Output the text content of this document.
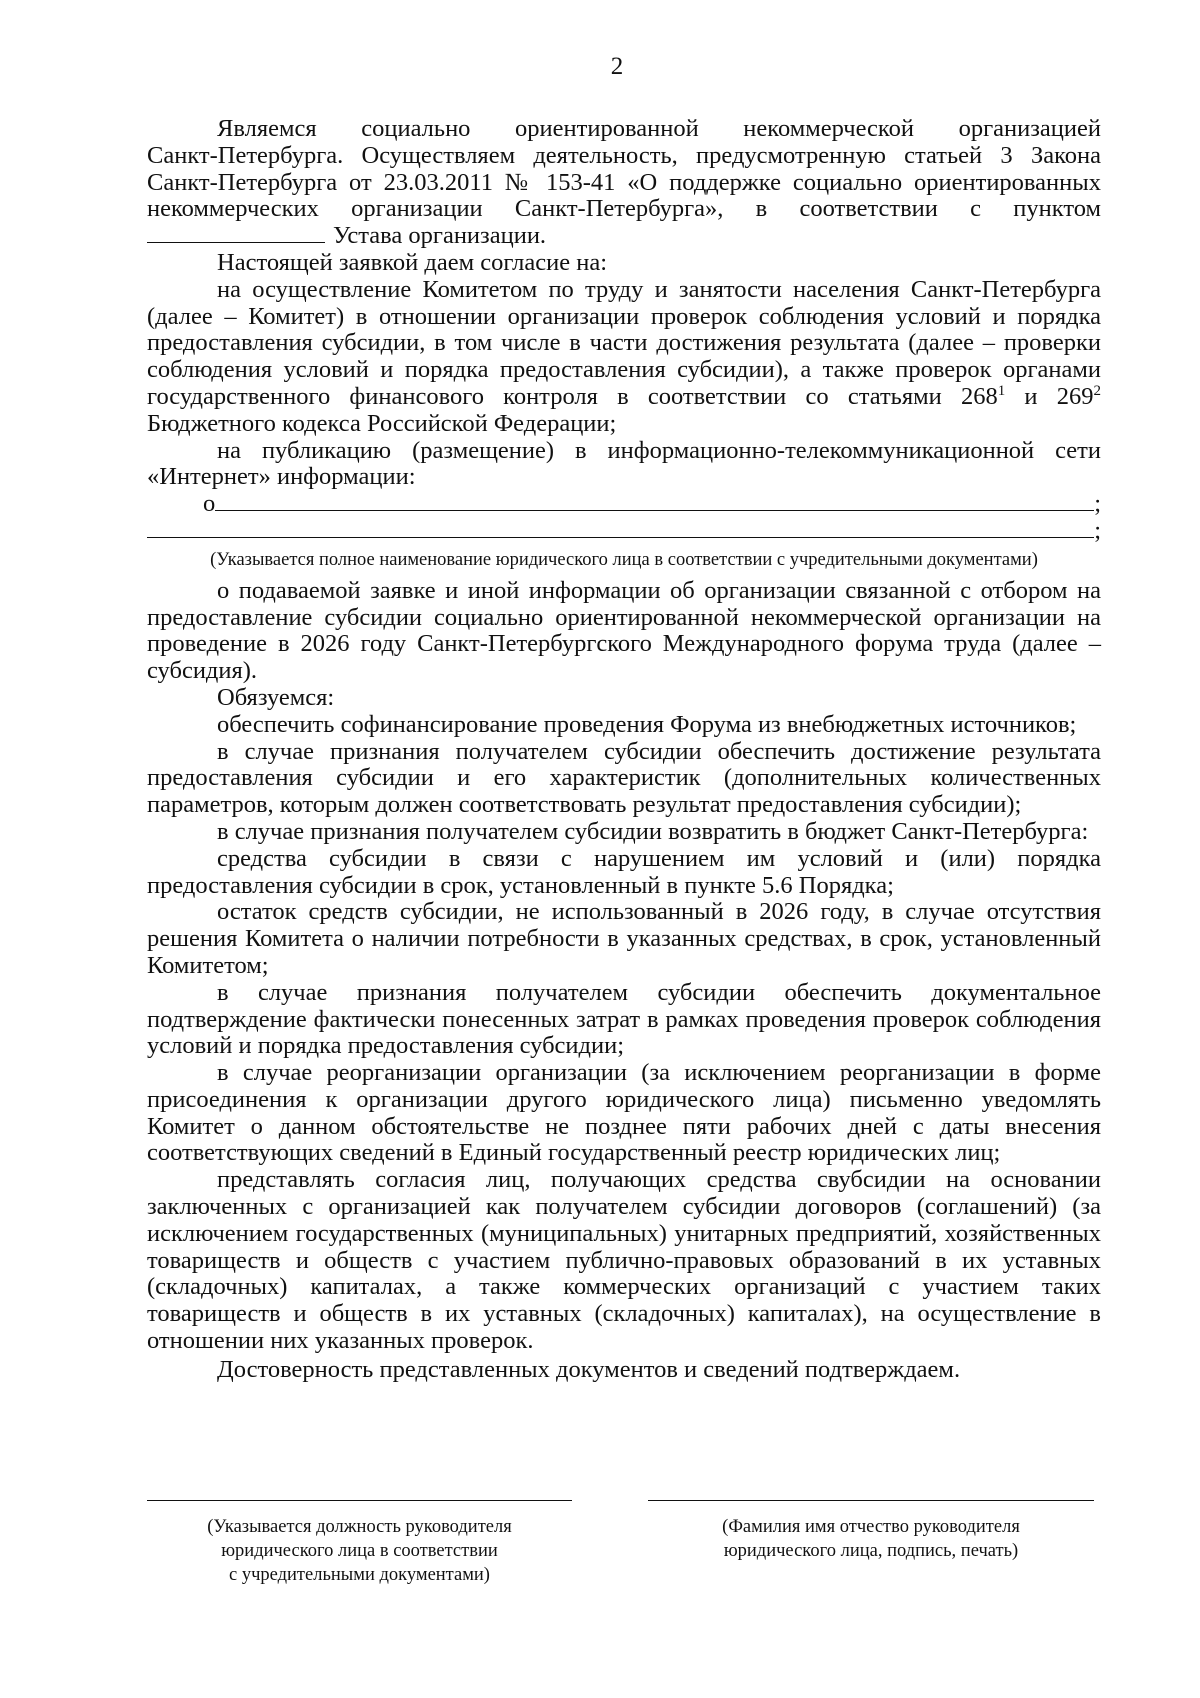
2

Являемся социально ориентированной некоммерческой организацией

Санкт-Петербурга. Осуществляем деятельность, предусмотренную статьей 3 Закона

Санкт-Петербурга от 23.03.2011 № 153-41 «О поддержке социально ориентированных

некоммерческих организации Санкт-Петербурга», в соответствии с пунктом

Устава организации.

Настоящей заявкой даем согласие на:

на осуществление Комитетом по труду и занятости населения Санкт-Петербурга (далее – Комитет) в отношении организации проверок соблюдения условий и порядка предоставления субсидии, в том числе в части достижения результата (далее – проверки соблюдения условий и порядка предоставления субсидии), а также проверок органами государственного финансового контроля в соответствии со статьями $268^1$ и $269^2$ Бюджетного кодекса Российской Федерации;

на публикацию (размещение) в информационно-телекоммуникационной сети «Интернет» информации:

о	;
;
(Указывается полное наименование юридического лица в соответствии с учредительными документами)

о подаваемой заявке и иной информации об организации связанной с отбором на предоставление субсидии социально ориентированной некоммерческой организации на проведение в 2026 году Санкт-Петербургского Международного форума труда (далее – субсидия).

Обязуемся:

обеспечить софинансирование проведения Форума из внебюджетных источников;

в случае признания получателем субсидии обеспечить достижение результата предоставления субсидии и его характеристик (дополнительных количественных параметров, которым должен соответствовать результат предоставления субсидии);

в случае признания получателем субсидии возвратить в бюджет Санкт-Петербурга:

средства субсидии в связи с нарушением им условий и (или) порядка предоставления субсидии в срок, установленный в пункте 5.6 Порядка;

остаток средств субсидии, не использованный в 2026 году, в случае отсутствия решения Комитета о наличии потребности в указанных средствах, в срок, установленный Комитетом;

в случае признания получателем субсидии обеспечить документальное подтверждение фактически понесенных затрат в рамках проведения проверок соблюдения условий и порядка предоставления субсидии;

в случае реорганизации организации (за исключением реорганизации в форме присоединения к организации другого юридического лица) письменно уведомлять Комитет о данном обстоятельстве не позднее пяти рабочих дней с даты внесения соответствующих сведений в Единый государственный реестр юридических лиц;

представлять согласия лиц, получающих средства свубсидии на основании заключенных с организацией как получателем субсидии договоров (соглашений) (за исключением государственных (муниципальных) унитарных предприятий, хозяйственных товариществ и обществ с участием публично-правовых образований в их уставных (складочных) капиталах, а также коммерческих организаций с участием таких товариществ и обществ в их уставных (складочных) капиталах), на осуществление в отношении них указанных проверок.

Достоверность представленных документов и сведений подтверждаем.

(Указывается должность руководителя
юридического лица в соответствии
с учредительными документами)
(Фамилия имя отчество руководителя
юридического лица, подпись, печать)
